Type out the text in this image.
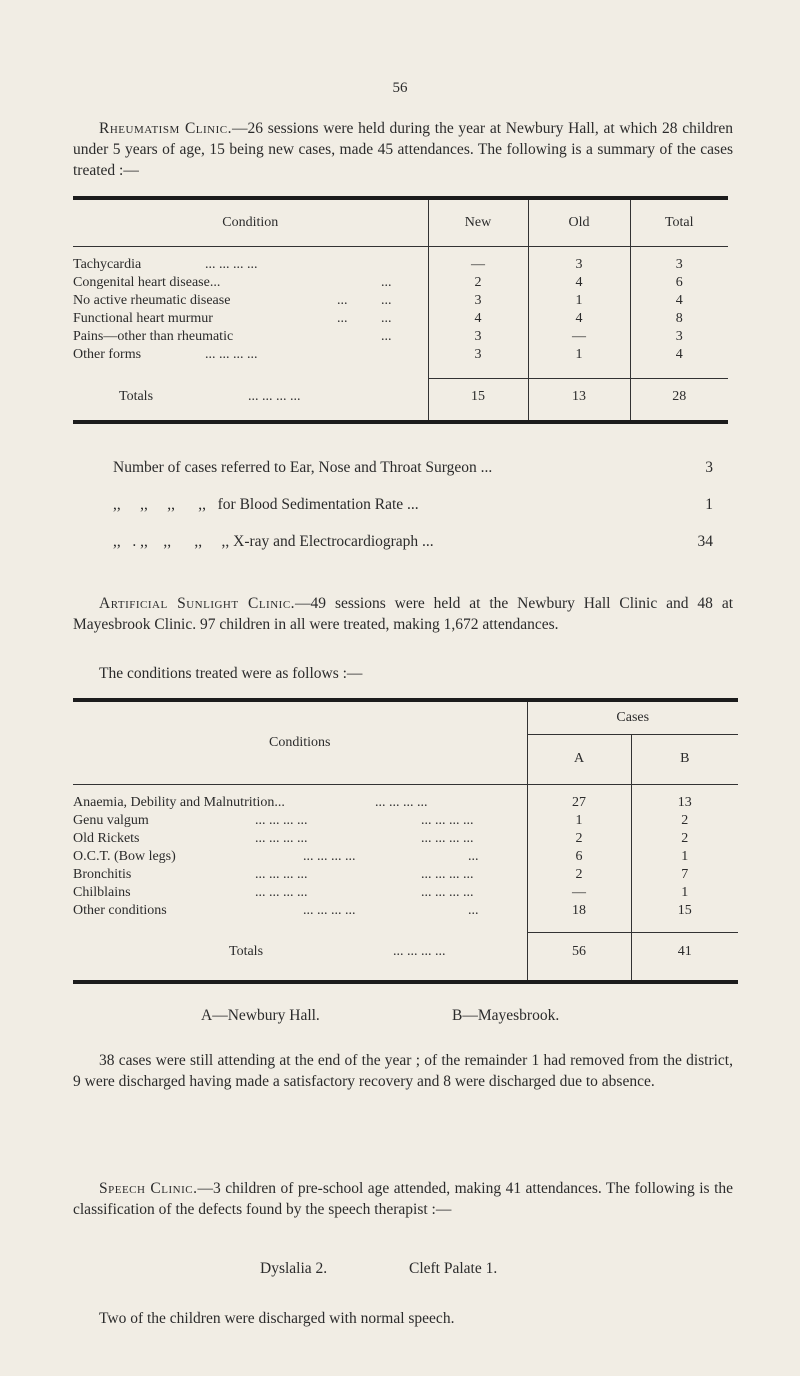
56
Rheumatism Clinic.—26 sessions were held during the year at Newbury Hall, at which 28 children under 5 years of age, 15 being new cases, made 45 attendances. The following is a summary of the cases treated :—
Condition	New	Old	Total

Tachycardia ... ... ... ...	—	3	3
Congenital heart disease... ...	2	4	6
No active rheumatic disease ... ...	3	1	4
Functional heart murmur ... ...	4	4	8
Pains—other than rheumatic ...	3	—	3
Other forms ... ... ... ...	3	1	4

Totals ... ... ... ...	15	13	28

Number of cases referred to Ear, Nose and Throat Surgeon ...	3
,,     ,,     ,,      ,,   for Blood Sedimentation Rate ...	1
,,   . ,,    ,,      ,,     ,, X-ray and Electrocardiograph ...	34
Artificial Sunlight Clinic.—49 sessions were held at the Newbury Hall Clinic and 48 at Mayesbrook Clinic. 97 children in all were treated, making 1,672 attendances.
The conditions treated were as follows :—
Conditions	Cases	
	A	B

Anaemia, Debility and Malnutrition... ... ... ... ...	27	13
Genu valgum ... ... ... ... ... ... ... ...	1	2
Old Rickets ... ... ... ... ... ... ... ...	2	2
O.C.T. (Bow legs) ... ... ... ... ...	6	1
Bronchitis ... ... ... ... ... ... ... ...	2	7
Chilblains ... ... ... ... ... ... ... ...	—	1
Other conditions ... ... ... ... ...	18	15

Totals ... ... ... ...	56	41

A—Newbury Hall.	B—Mayesbrook.
38 cases were still attending at the end of the year ; of the remainder 1 had removed from the district, 9 were discharged having made a satisfactory recovery and 8 were discharged due to absence.
Speech Clinic.—3 children of pre-school age attended, making 41 attendances. The following is the classification of the defects found by the speech therapist :—
Dyslalia 2.	Cleft Palate 1.
Two of the children were discharged with normal speech.
